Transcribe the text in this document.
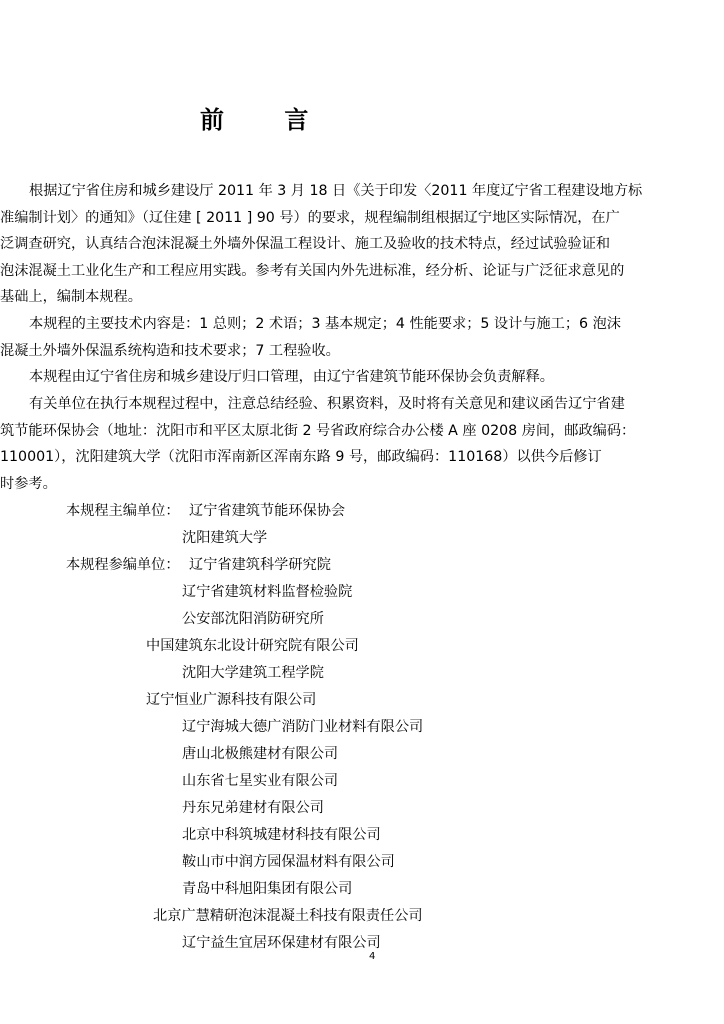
前 言
根据辽宁省住房和城乡建设厅 2011 年 3 月 18 日《关于印发〈2011 年度辽宁省工程建设地方标
准编制计划〉的通知》（辽住建 [ 2011 ] 90 号）的要求，规程编制组根据辽宁地区实际情况，在广
泛调查研究，认真结合泡沫混凝土外墙外保温工程设计、施工及验收的技术特点，经过试验验证和
泡沫混凝土工业化生产和工程应用实践。参考有关国内外先进标准，经分析、论证与广泛征求意见的
基础上，编制本规程。
本规程的主要技术内容是：1 总则；2 术语；3 基本规定；4 性能要求；5 设计与施工；6 泡沫
混凝土外墙外保温系统构造和技术要求；7 工程验收。
本规程由辽宁省住房和城乡建设厅归口管理，由辽宁省建筑节能环保协会负责解释。
有关单位在执行本规程过程中，注意总结经验、积累资料，及时将有关意见和建议函告辽宁省建
筑节能环保协会（地址：沈阳市和平区太原北街 2 号省政府综合办公楼 A 座 0208 房间，邮政编码：
110001），沈阳建筑大学（沈阳市浑南新区浑南东路 9 号，邮政编码：110168）以供今后修订
时参考。
本规程主编单位： 辽宁省建筑节能环保协会
沈阳建筑大学
本规程参编单位： 辽宁省建筑科学研究院
辽宁省建筑材料监督检验院
公安部沈阳消防研究所
中国建筑东北设计研究院有限公司
沈阳大学建筑工程学院
辽宁恒业广源科技有限公司
辽宁海城大德广消防门业材料有限公司
唐山北极熊建材有限公司
山东省七星实业有限公司
丹东兄弟建材有限公司
北京中科筑城建材科技有限公司
鞍山市中润方园保温材料有限公司
青岛中科旭阳集团有限公司
北京广慧精研泡沫混凝土科技有限责任公司
辽宁益生宜居环保建材有限公司
4
